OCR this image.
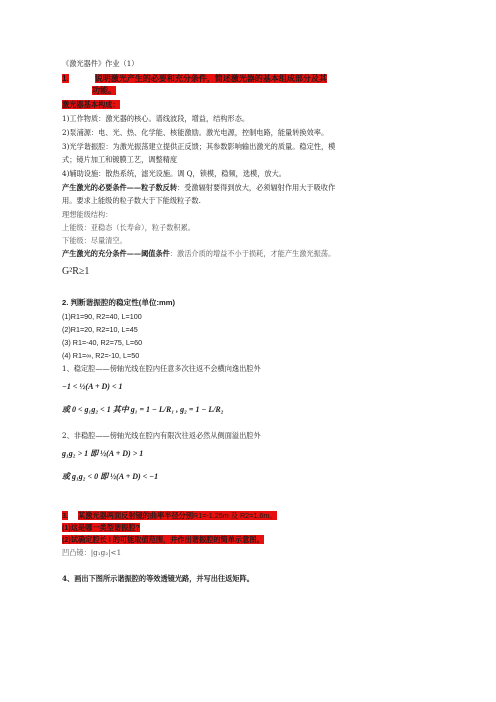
《激光器件》作业（1）
1.	说明激光产生的必要和充分条件，简述激光器的基本组成部分及其
功能。
激光器基本构成：
1)工作物质：激光器的核心。谱线波段，增益，结构形态。
2)泵浦源：电、光、热、化学能、核能激励。激光电源，控制电路，能量转换效率。
3)光学谐振腔：为激光振荡建立提供正反馈；其参数影响输出激光的质量。稳定性，模
式；镜片加工和镀膜工艺，调整精度
4)辅助设施：散热系统，滤光设施。调 Q，锁模，稳频，选模，放大。
产生激光的必要条件——粒子数反转：受激辐射要得到放大，必须辐射作用大于吸收作
用。要求上能级的粒子数大于下能级粒子数.
理想能级结构：
上能级：亚稳态（长寿命），粒子数积累。
下能级：尽量清空。
产生激光的充分条件——阈值条件：激活介质的增益不小于损耗，才能产生激光振荡。
G²R≥1
2. 判断谐振腔的稳定性(单位:mm)
(1)R1=90, R2=40, L=100
(2)R1=20, R2=10, L=45
(3) R1=-40, R2=75, L=60
(4) R1=∞, R2=-10, L=50
1、稳定腔——傍轴光线在腔内任意多次往返不会横向逸出腔外
−1 < ½(A + D) < 1
或 0 < g₁g₂ < 1 其中 g₁ = 1 − L/R₁ , g₂ = 1 − L/R₂
2、非稳腔——傍轴光线在腔内有限次往返必然从侧面溢出腔外
g₁g₂ > 1 即 ½(A + D) > 1
或 g₁g₂ < 0 即 ½(A + D) < −1
3. 某激光器两面反射镜的曲率半径分别R1=-1.25m 及 R2=1.6m。
(1)这是哪一类型谐振腔?
(2)试确定腔长 l 的可能取值范围，并作出谐振腔的简单示意图。
凹凸镜：|g₁g₂|<1
4、画出下图所示谐振腔的等效透镜光路，并写出往返矩阵。
